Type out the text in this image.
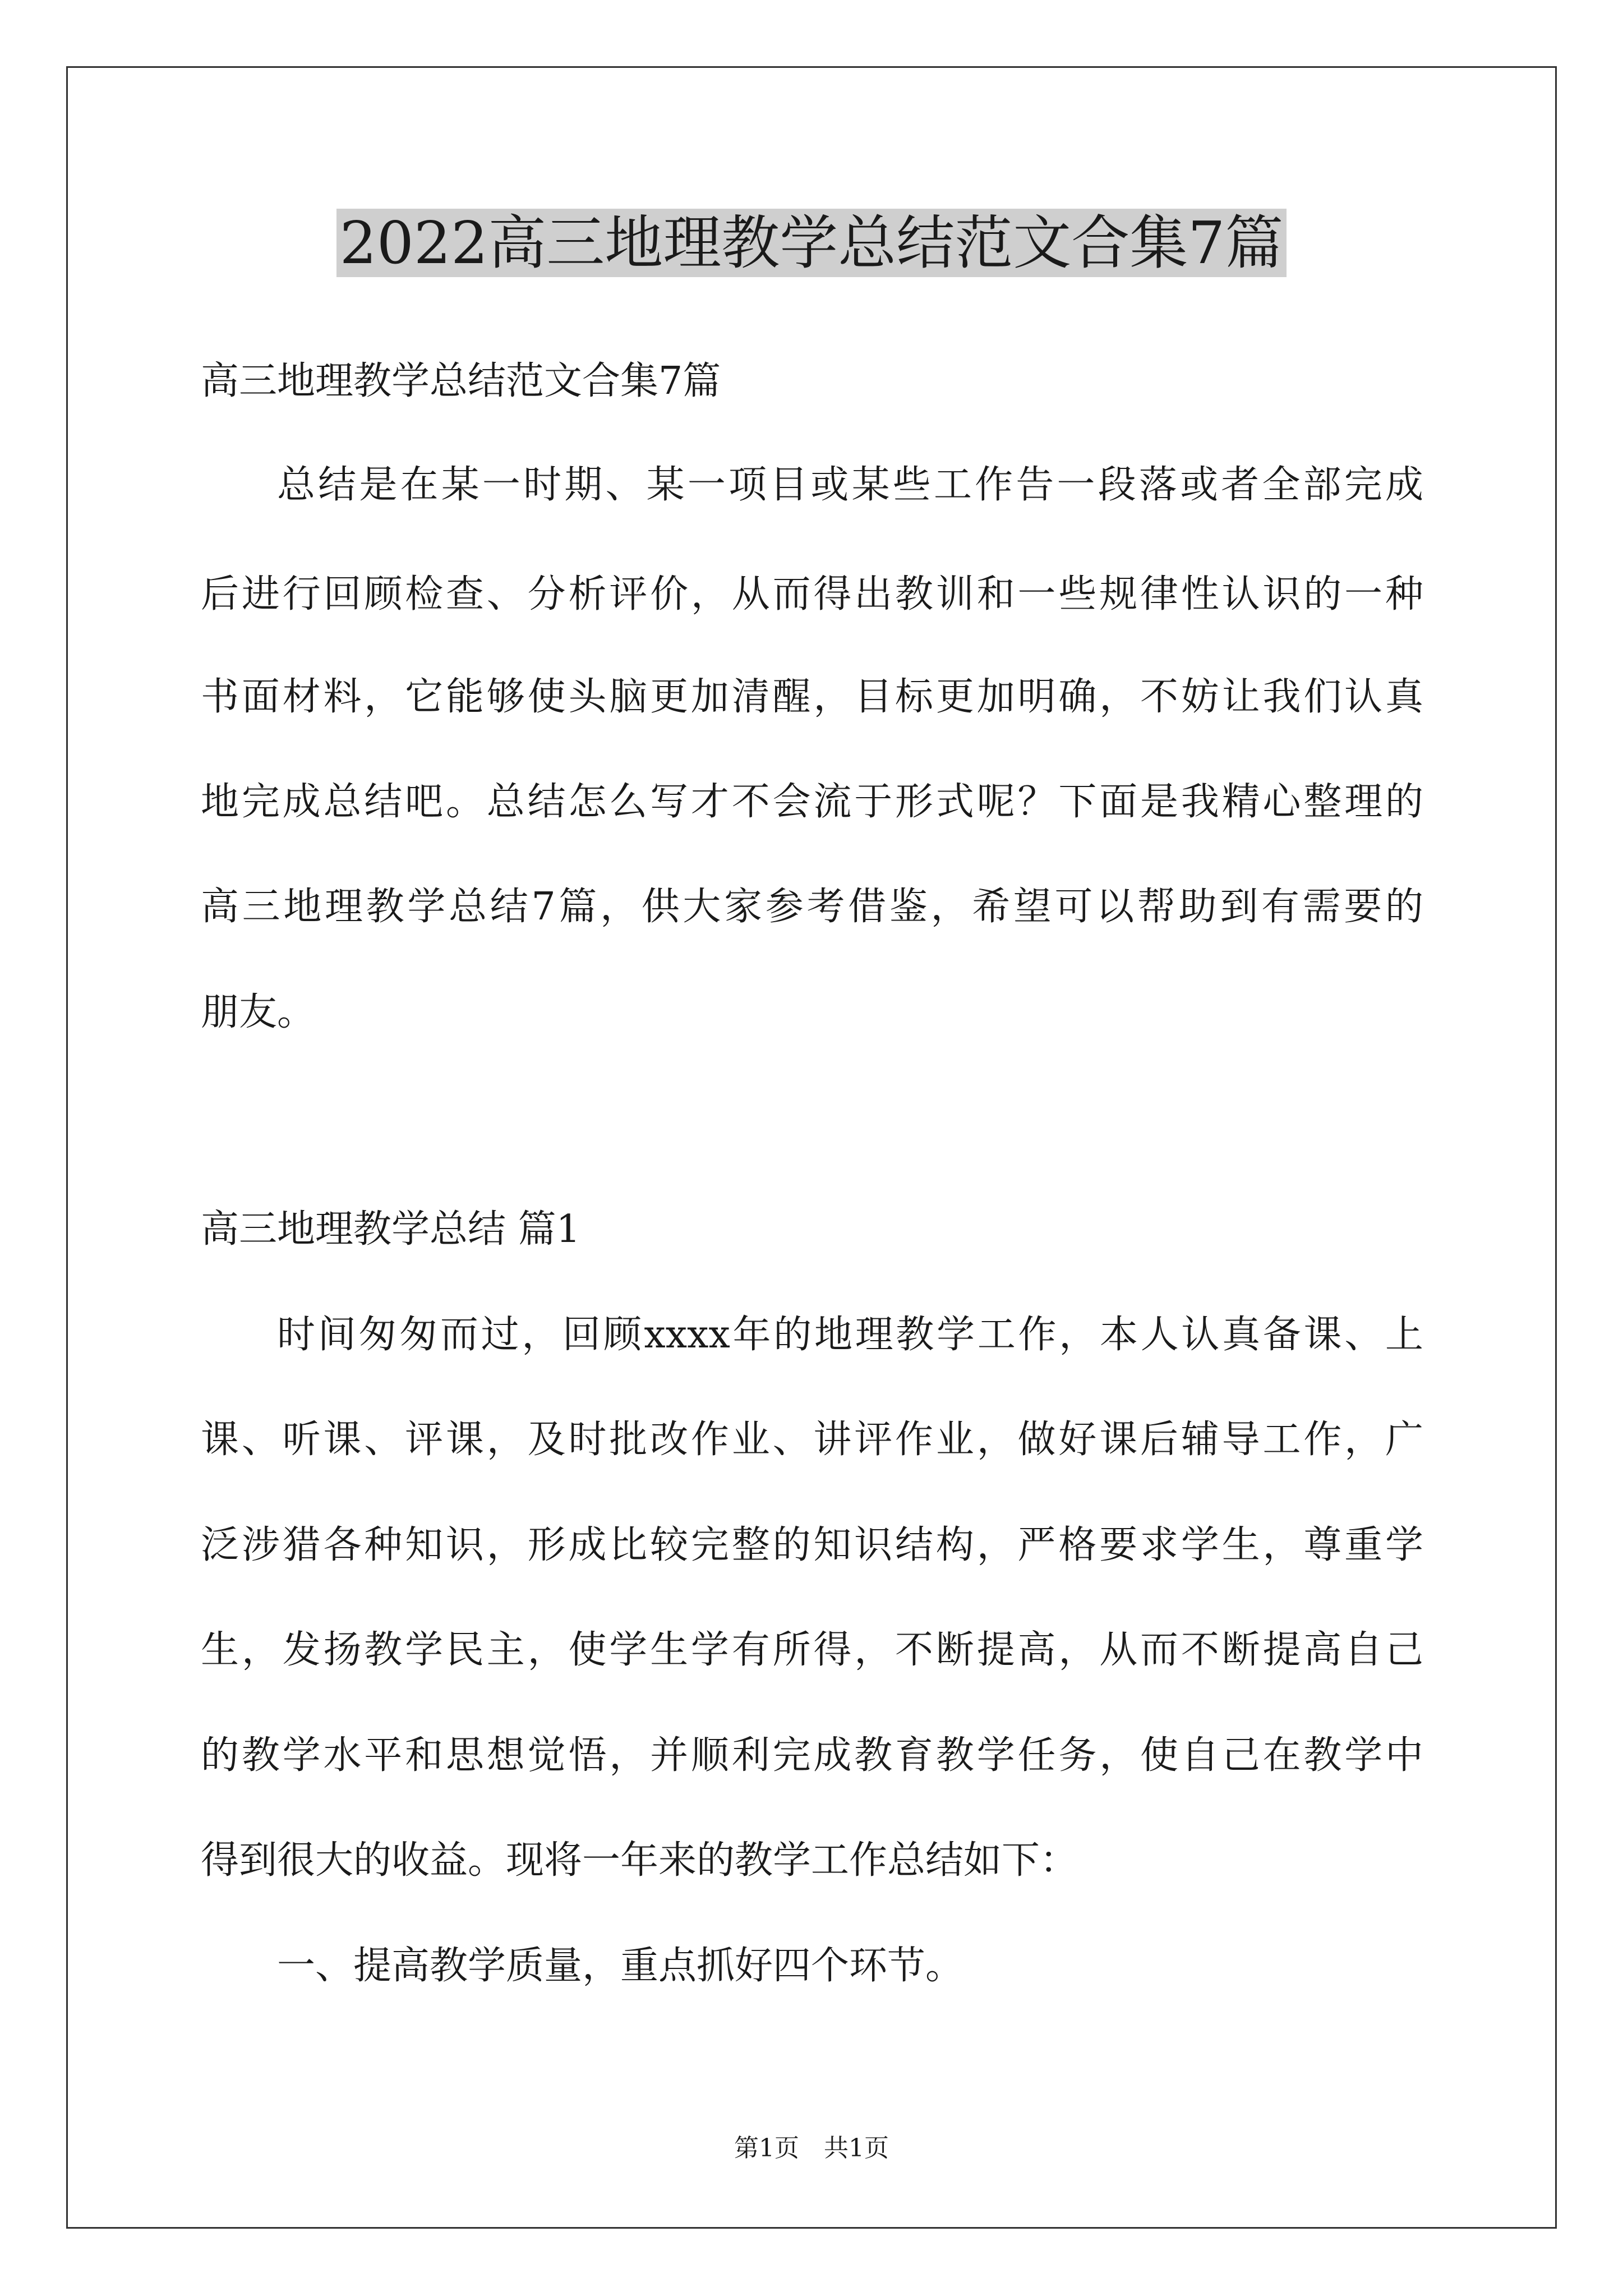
2022高三地理教学总结范文合集7篇
高三地理教学总结范文合集7篇
总结是在某一时期、某一项目或某些工作告一段落或者全部完成
后进行回顾检查、分析评价，从而得出教训和一些规律性认识的一种
书面材料，它能够使头脑更加清醒，目标更加明确，不妨让我们认真
地完成总结吧。总结怎么写才不会流于形式呢？下面是我精心整理的
高三地理教学总结7篇，供大家参考借鉴，希望可以帮助到有需要的
朋友。
高三地理教学总结 篇1
时间匆匆而过，回顾xxxx年的地理教学工作，本人认真备课、上
课、听课、评课，及时批改作业、讲评作业，做好课后辅导工作，广
泛涉猎各种知识，形成比较完整的知识结构，严格要求学生，尊重学
生，发扬教学民主，使学生学有所得，不断提高，从而不断提高自己
的教学水平和思想觉悟，并顺利完成教育教学任务，使自己在教学中
得到很大的收益。现将一年来的教学工作总结如下：
一、提高教学质量，重点抓好四个环节。
第1页　共1页
